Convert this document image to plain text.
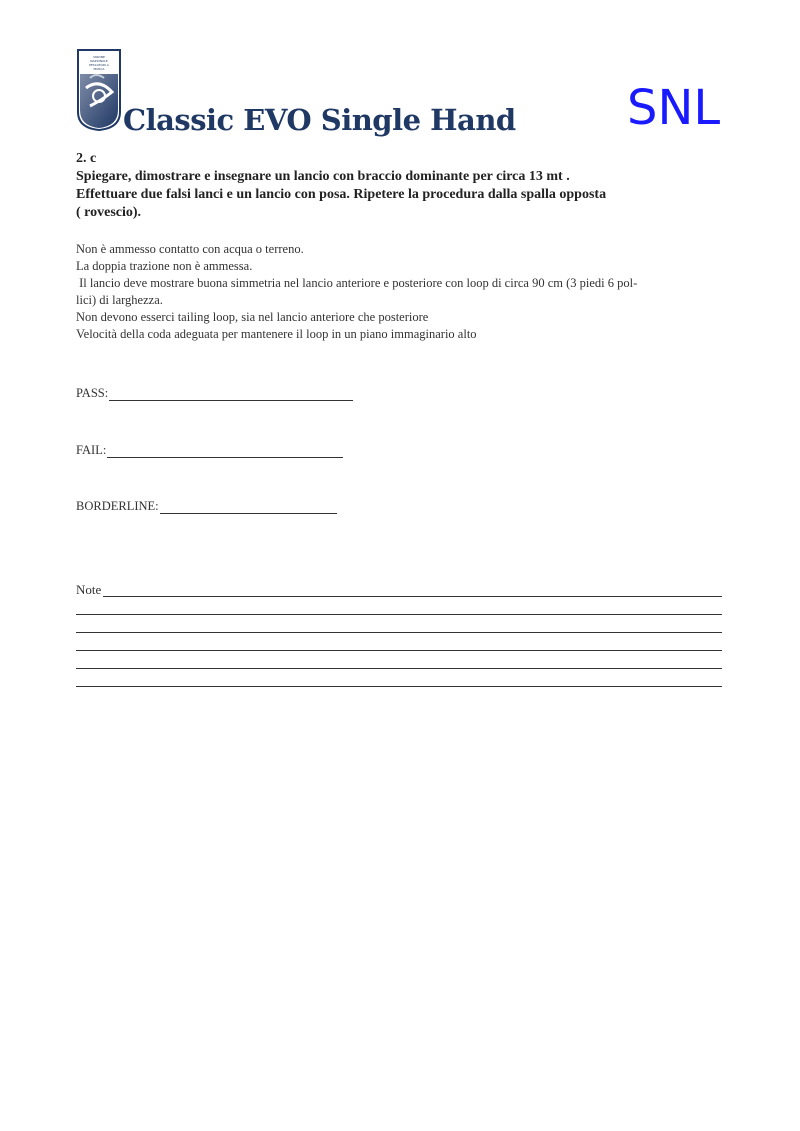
UNIONE NAZIONALE PESCATORI A MOSCA
Classic EVO Single Hand SNL
2. c
Spiegare, dimostrare e insegnare un lancio con braccio dominante per circa 13 mt .
Effettuare due falsi lanci e un lancio con posa. Ripetere la procedura dalla spalla opposta
( rovescio).
Non è ammesso contatto con acqua o terreno.
La doppia trazione non è ammessa.
Il lancio deve mostrare buona simmetria nel lancio anteriore e posteriore con loop di circa 90 cm (3 piedi 6 pol-
lici) di larghezza.
Non devono esserci tailing loop, sia nel lancio anteriore che posteriore
Velocità della coda adeguata per mantenere il loop in un piano immaginario alto
PASS:
FAIL:
BORDERLINE:
Note
